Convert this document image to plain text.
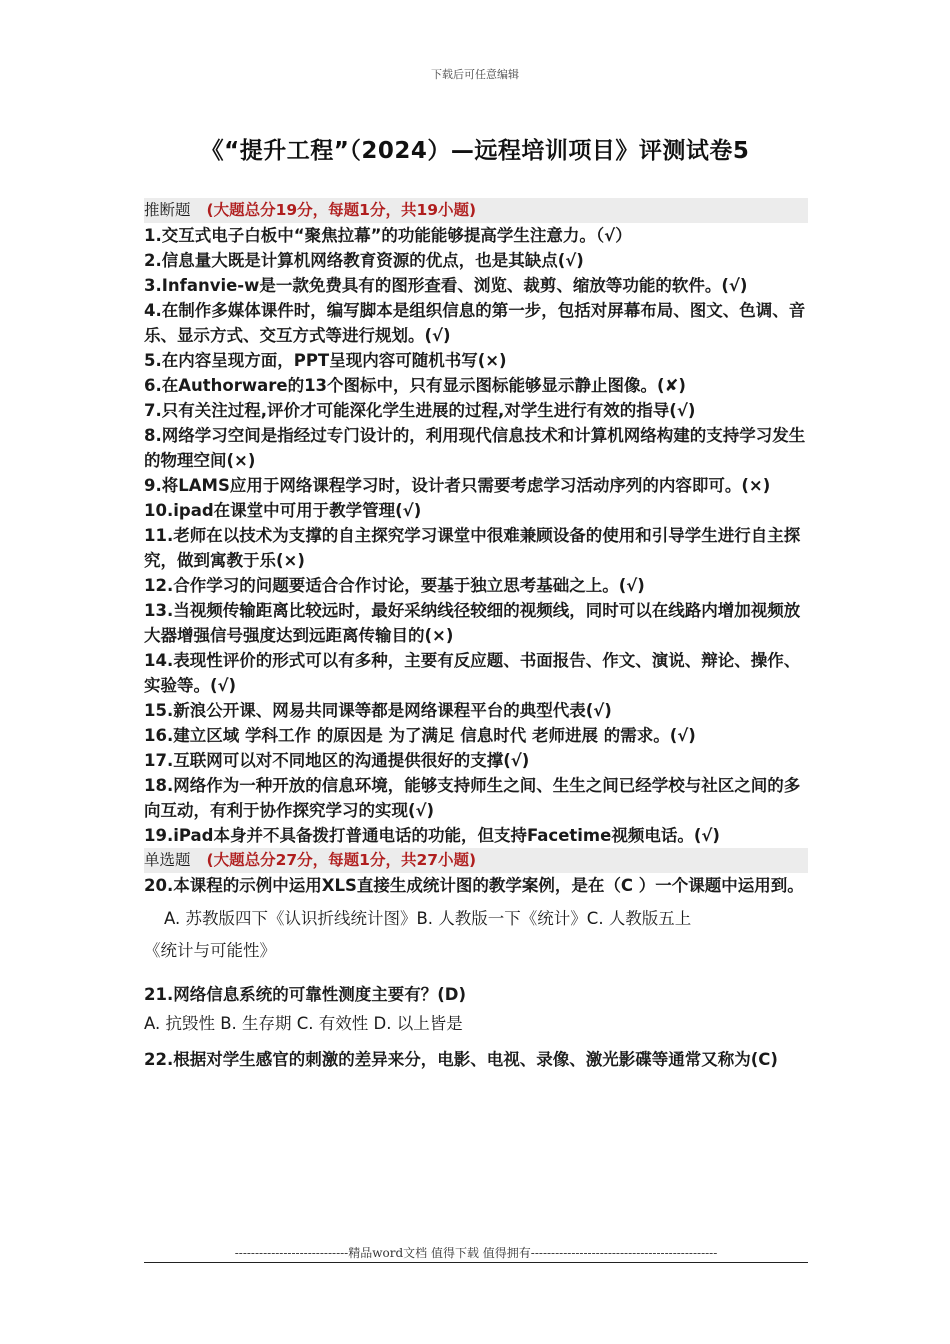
下载后可任意编辑
《“提升工程”（2024）—远程培训项目》评测试卷5
推断题 (大题总分19分，每题1分，共19小题)
1.交互式电子白板中“聚焦拉幕”的功能能够提高学生注意力。（√）
2.信息量大既是计算机网络教育资源的优点，也是其缺点(√)
3.Infanvie-w是一款免费具有的图形查看、浏览、裁剪、缩放等功能的软件。(√)
4.在制作多媒体课件时，编写脚本是组织信息的第一步，包括对屏幕布局、图文、色调、音乐、显示方式、交互方式等进行规划。(√)
5.在内容呈现方面，PPT呈现内容可随机书写(×)
6.在Authorware的13个图标中，只有显示图标能够显示静止图像。(✘)
7.只有关注过程,评价才可能深化学生进展的过程,对学生进行有效的指导(√)
8.网络学习空间是指经过专门设计的，利用现代信息技术和计算机网络构建的支持学习发生的物理空间(×)
9.将LAMS应用于网络课程学习时，设计者只需要考虑学习活动序列的内容即可。(×)
10.ipad在课堂中可用于教学管理(√)
11.老师在以技术为支撑的自主探究学习课堂中很难兼顾设备的使用和引导学生进行自主探究，做到寓教于乐(×)
12.合作学习的问题要适合合作讨论，要基于独立思考基础之上。(√)
13.当视频传输距离比较远时，最好采纳线径较细的视频线，同时可以在线路内增加视频放大器增强信号强度达到远距离传输目的(×)
14.表现性评价的形式可以有多种，主要有反应题、书面报告、作文、演说、辩论、操作、实验等。(√)
15.新浪公开课、网易共同课等都是网络课程平台的典型代表(√)
16.建立区域 学科工作 的原因是 为了满足 信息时代 老师进展 的需求。(√)
17.互联网可以对不同地区的沟通提供很好的支撑(√)
18.网络作为一种开放的信息环境，能够支持师生之间、生生之间已经学校与社区之间的多向互动，有利于协作探究学习的实现(√)
19.iPad本身并不具备拨打普通电话的功能，但支持Facetime视频电话。(√)
单选题 (大题总分27分，每题1分，共27小题)
20.本课程的示例中运用XLS直接生成统计图的教学案例，是在（C ）一个课题中运用到。
A. 苏教版四下《认识折线统计图》B. 人教版一下《统计》C. 人教版五上
《统计与可能性》
21.网络信息系统的可靠性测度主要有？(D)
A. 抗毁性 B. 生存期 C. 有效性 D. 以上皆是
22.根据对学生感官的刺激的差异来分，电影、电视、录像、激光影碟等通常又称为(C)
----------------------------精品word文档 值得下载 值得拥有----------------------------------------------
